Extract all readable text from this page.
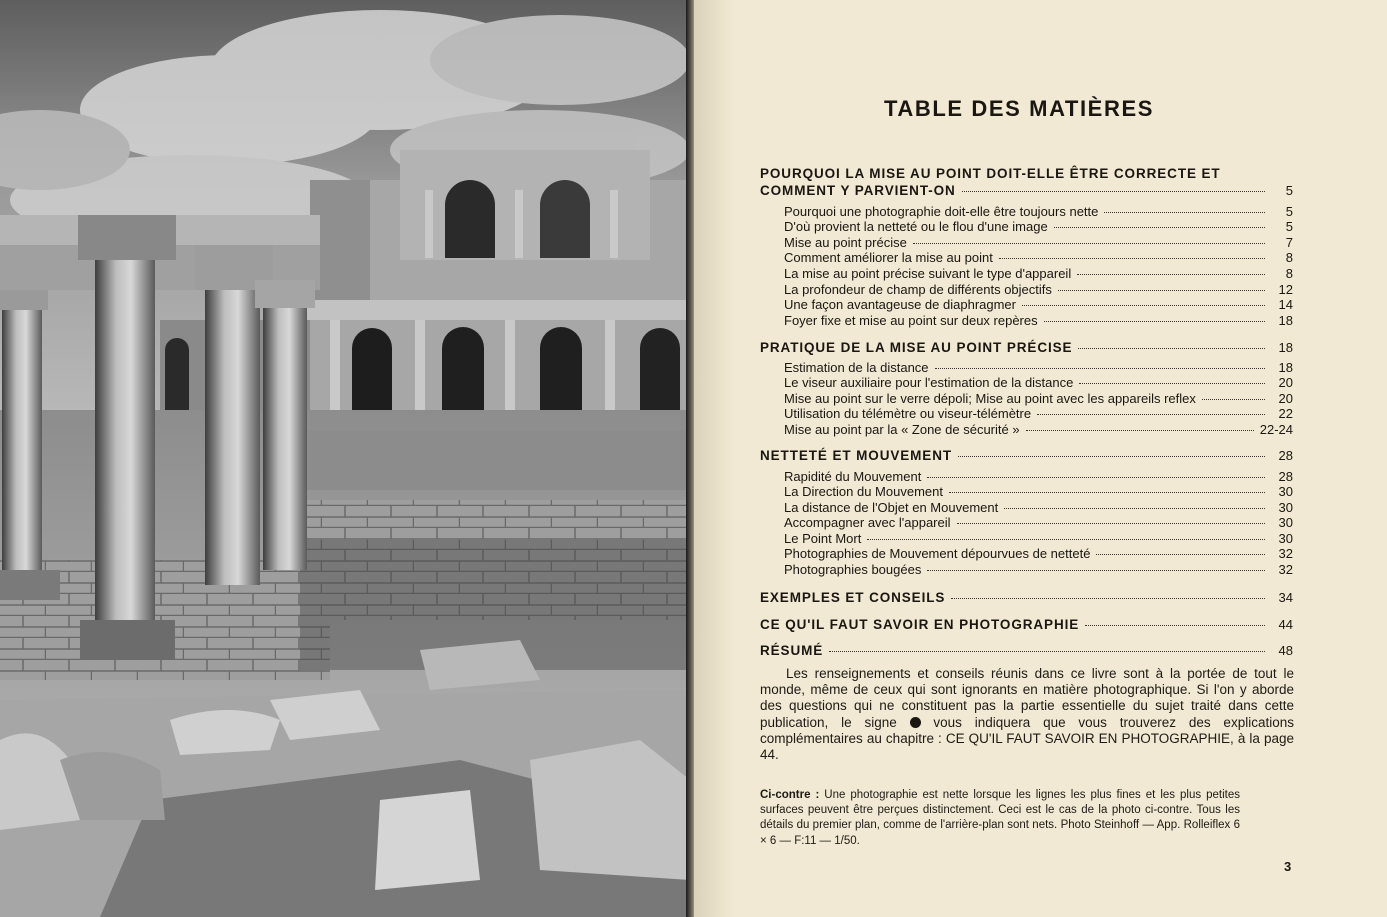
TABLE DES MATIÈRES
POURQUOI LA MISE AU POINT DOIT-ELLE ÊTRE CORRECTE ET
COMMENT Y PARVIENT-ON	5
Pourquoi une photographie doit-elle être toujours nette	5
D'où provient la netteté ou le flou d'une image	5
Mise au point précise	7
Comment améliorer la mise au point	8
La mise au point précise suivant le type d'appareil	8
La profondeur de champ de différents objectifs	12
Une façon avantageuse de diaphragmer	14
Foyer fixe et mise au point sur deux repères	18
PRATIQUE DE LA MISE AU POINT PRÉCISE	18
Estimation de la distance	18
Le viseur auxiliaire pour l'estimation de la distance	20
Mise au point sur le verre dépoli; Mise au point avec les appareils reflex	20
Utilisation du télémètre ou viseur-télémètre	22
Mise au point par la « Zone de sécurité »	22-24
NETTETÉ ET MOUVEMENT	28
Rapidité du Mouvement	28
La Direction du Mouvement	30
La distance de l'Objet en Mouvement	30
Accompagner avec l'appareil	30
Le Point Mort	30
Photographies de Mouvement dépourvues de netteté	32
Photographies bougées	32
EXEMPLES ET CONSEILS	34
CE QU'IL FAUT SAVOIR EN PHOTOGRAPHIE	44
RÉSUMÉ	48

Les renseignements et conseils réunis dans ce livre sont à la portée de tout le monde, même de ceux qui sont ignorants en matière photographique. Si l'on y aborde des questions qui ne constituent pas la partie essentielle du sujet traité dans cette publication, le signe	vous indiquera que vous trouverez des explications complémentaires au chapitre : CE QU'IL FAUT SAVOIR EN PHOTOGRAPHIE, à la page 44.

Ci-contre : Une photographie est nette lorsque les lignes les plus fines et les plus petites surfaces peuvent être perçues distinctement. Ceci est le cas de la photo ci-contre. Tous les détails du premier plan, comme de l'arrière-plan sont nets. Photo Steinhoff — App. Rolleiflex 6 × 6 — F:11 — 1/50.

3
